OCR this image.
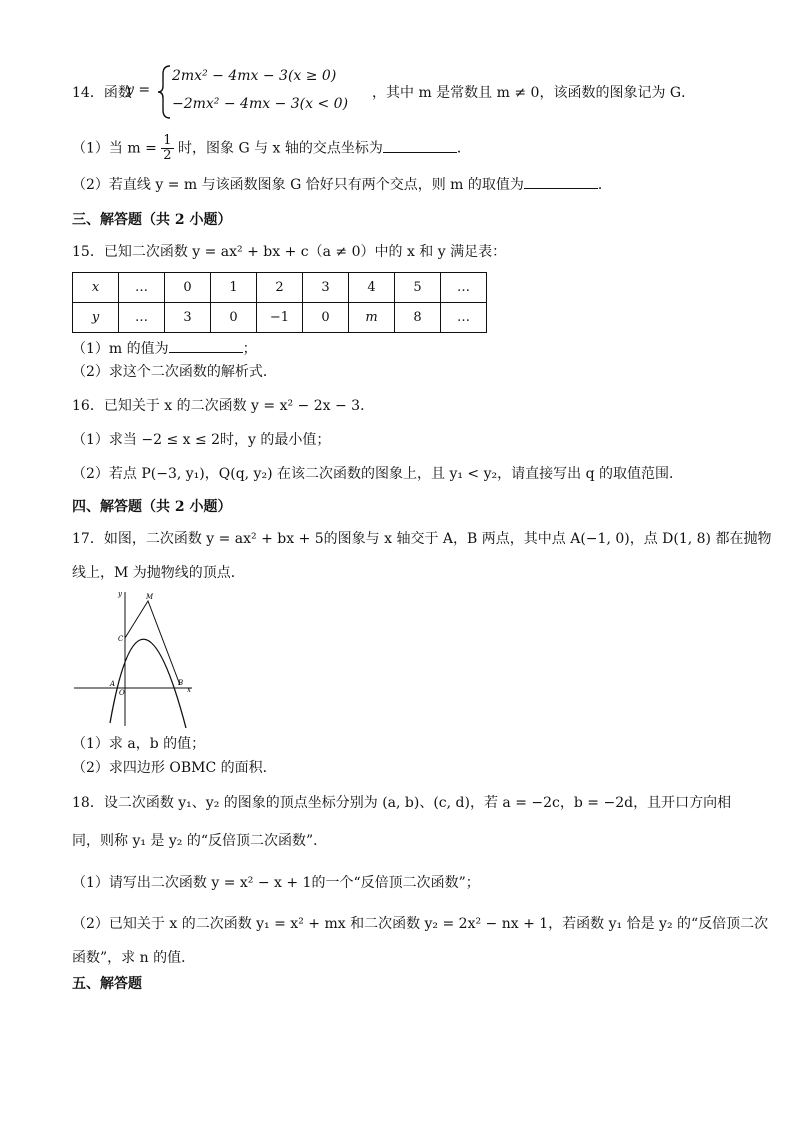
14．函数
y =
2mx² − 4mx − 3(x ≥ 0)
−2mx² − 4mx − 3(x < 0)
，其中 m 是常数且 m ≠ 0，该函数的图象记为 G．
（1）当 $m = \frac{1}{2}$ 时，图象 G 与 x 轴的交点坐标为	．
（2）若直线 y = m 与该函数图象 G 恰好只有两个交点，则 m 的取值为	．
三、解答题（共 2 小题）
15．已知二次函数 y = ax² + bx + c（a ≠ 0）中的 x 和 y 满足表：
x	…	0	1	2	3	4	5	…
y	…	3	0	−1	0	m	8	…
（1）m 的值为	；
（2）求这个二次函数的解析式．
16．已知关于 x 的二次函数 y = x² − 2x − 3．
（1）求当 −2 ≤ x ≤ 2时，y 的最小值；
（2）若点 P(−3, y₁)，Q(q, y₂) 在该二次函数的图象上，且 y₁ < y₂，请直接写出 q 的取值范围．
四、解答题（共 2 小题）
17．如图，二次函数 y = ax² + bx + 5的图象与 x 轴交于 A，B 两点，其中点 A(−1, 0)，点 D(1, 8) 都在抛物
线上，M 为抛物线的顶点．
y
x
M
C
A
O
B
（1）求 a，b 的值；
（2）求四边形 OBMC 的面积．
18．设二次函数 y₁、y₂ 的图象的顶点坐标分别为 (a, b)、(c, d)，若 a = −2c，b = −2d，且开口方向相
同，则称 y₁ 是 y₂ 的“反倍顶二次函数”．
（1）请写出二次函数 y = x² − x + 1的一个“反倍顶二次函数”；
（2）已知关于 x 的二次函数 y₁ = x² + mx 和二次函数 y₂ = 2x² − nx + 1，若函数 y₁ 恰是 y₂ 的“反倍顶二次
函数”，求 n 的值．
五、解答题
